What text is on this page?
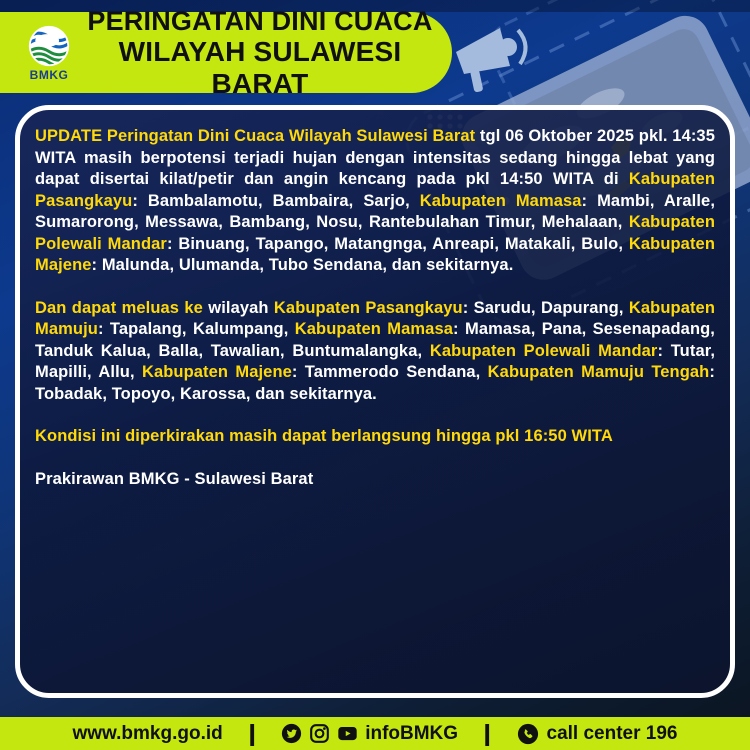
BMKG
PERINGATAN DINI CUACA
WILAYAH SULAWESI BARAT

UPDATE Peringatan Dini Cuaca Wilayah Sulawesi Barat tgl 06 Oktober 2025 pkl. 14:35 WITA masih berpotensi terjadi hujan dengan intensitas sedang hingga lebat yang dapat disertai kilat/petir dan angin kencang pada pkl 14:50 WITA di Kabupaten Pasangkayu: Bambalamotu, Bambaira, Sarjo, Kabupaten Mamasa: Mambi, Aralle, Sumarorong, Messawa, Bambang, Nosu, Rantebulahan Timur, Mehalaan, Kabupaten Polewali Mandar: Binuang, Tapango, Matangnga, Anreapi, Matakali, Bulo, Kabupaten Majene: Malunda, Ulumanda, Tubo Sendana, dan sekitarnya.

Dan dapat meluas ke wilayah Kabupaten Pasangkayu: Sarudu, Dapurang, Kabupaten Mamuju: Tapalang, Kalumpang, Kabupaten Mamasa: Mamasa, Pana, Sesenapadang, Tanduk Kalua, Balla, Tawalian, Buntumalangka, Kabupaten Polewali Mandar: Tutar, Mapilli, Allu, Kabupaten Majene: Tammerodo Sendana, Kabupaten Mamuju Tengah: Tobadak, Topoyo, Karossa, dan sekitarnya.

Kondisi ini diperkirakan masih dapat berlangsung hingga pkl 16:50 WITA

Prakirawan BMKG - Sulawesi Barat

www.bmkg.go.id |	infoBMKG |	call center 196
